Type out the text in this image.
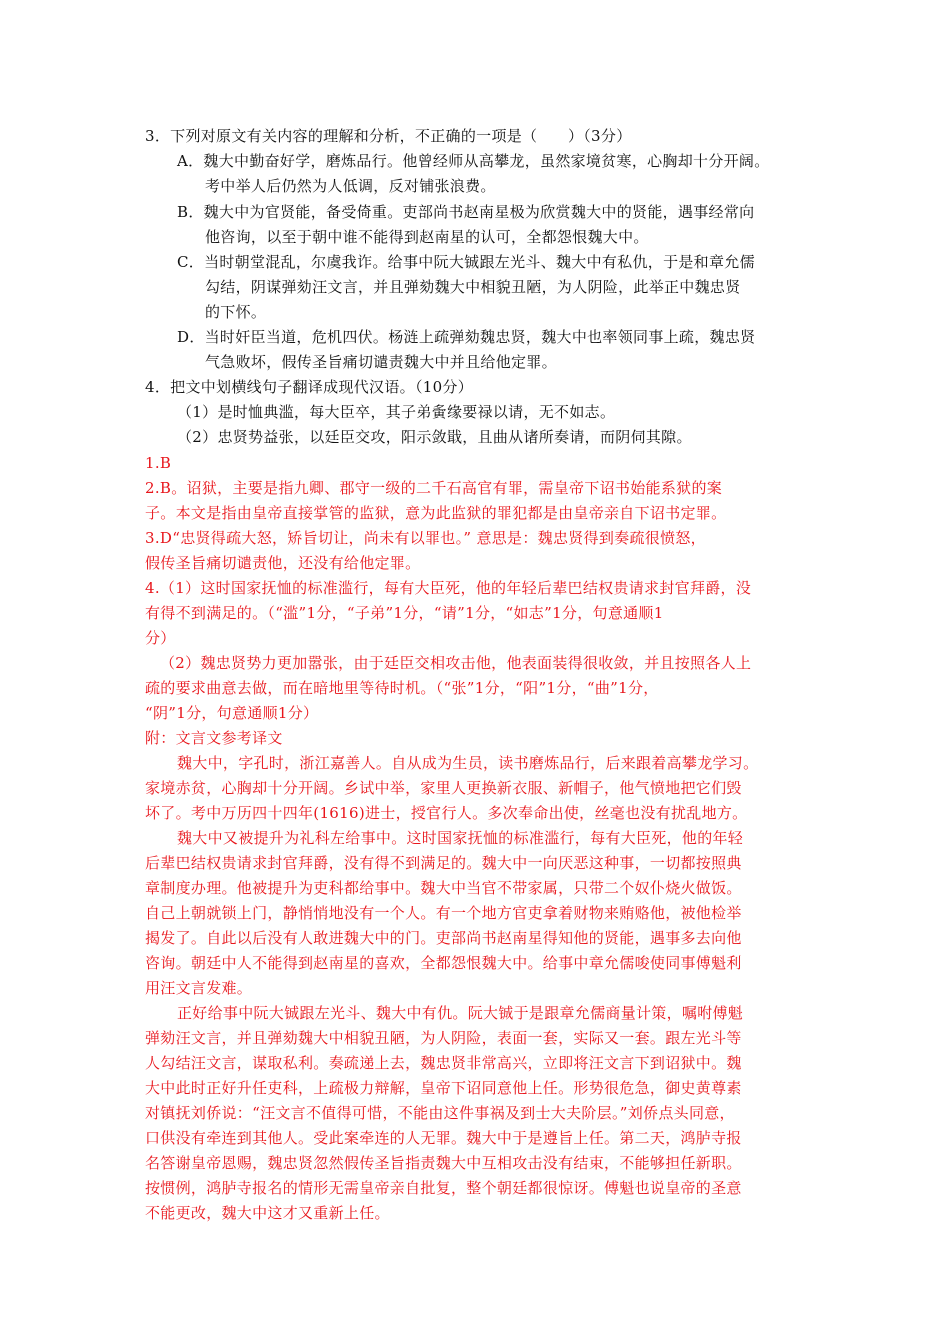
3．下列对原文有关内容的理解和分析，不正确的一项是（　　）（3分）
A．魏大中勤奋好学，磨炼品行。他曾经师从高攀龙，虽然家境贫寒，心胸却十分开阔。
考中举人后仍然为人低调，反对铺张浪费。
B．魏大中为官贤能，备受倚重。吏部尚书赵南星极为欣赏魏大中的贤能，遇事经常向
他咨询，以至于朝中谁不能得到赵南星的认可，全都怨恨魏大中。
C．当时朝堂混乱，尔虞我诈。给事中阮大铖跟左光斗、魏大中有私仇，于是和章允儒
勾结，阴谋弹劾汪文言，并且弹劾魏大中相貌丑陋，为人阴险，此举正中魏忠贤
的下怀。
D．当时奸臣当道，危机四伏。杨涟上疏弹劾魏忠贤，魏大中也率领同事上疏，魏忠贤
气急败坏，假传圣旨痛切谴责魏大中并且给他定罪。
4．把文中划横线句子翻译成现代汉语。（10分）
（1）是时恤典滥，每大臣卒，其子弟夤缘要禄以请，无不如志。
（2）忠贤势益张，以廷臣交攻，阳示敛戢，且曲从诸所奏请，而阴伺其隙。
1.B
2.B。诏狱，主要是指九卿、郡守一级的二千石高官有罪，需皇帝下诏书始能系狱的案
子。本文是指由皇帝直接掌管的监狱，意为此监狱的罪犯都是由皇帝亲自下诏书定罪。
3.D“忠贤得疏大怒，矫旨切让，尚未有以罪也。” 意思是：魏忠贤得到奏疏很愤怒，
假传圣旨痛切谴责他，还没有给他定罪。
4.（1）这时国家抚恤的标准滥行，每有大臣死，他的年轻后辈巴结权贵请求封官拜爵，没
有得不到满足的。（“滥”1分，“子弟”1分，“请”1分，“如志”1分，句意通顺1
分）
（2）魏忠贤势力更加嚣张，由于廷臣交相攻击他，他表面装得很收敛，并且按照各人上
疏的要求曲意去做，而在暗地里等待时机。（“张”1分，“阳”1分，“曲”1分，
“阴”1分，句意通顺1分）
附：文言文参考译文
魏大中，字孔时，浙江嘉善人。自从成为生员，读书磨炼品行，后来跟着高攀龙学习。
家境赤贫，心胸却十分开阔。乡试中举，家里人更换新衣服、新帽子，他气愤地把它们毁
坏了。考中万历四十四年(1616)进士，授官行人。多次奉命出使，丝毫也没有扰乱地方。
魏大中又被提升为礼科左给事中。这时国家抚恤的标准滥行，每有大臣死，他的年轻
后辈巴结权贵请求封官拜爵，没有得不到满足的。魏大中一向厌恶这种事，一切都按照典
章制度办理。他被提升为吏科都给事中。魏大中当官不带家属，只带二个奴仆烧火做饭。
自己上朝就锁上门，静悄悄地没有一个人。有一个地方官吏拿着财物来贿赂他，被他检举
揭发了。自此以后没有人敢进魏大中的门。吏部尚书赵南星得知他的贤能，遇事多去向他
咨询。朝廷中人不能得到赵南星的喜欢，全都怨恨魏大中。给事中章允儒唆使同事傅魁利
用汪文言发难。
正好给事中阮大铖跟左光斗、魏大中有仇。阮大铖于是跟章允儒商量计策，嘱咐傅魁
弹劾汪文言，并且弹劾魏大中相貌丑陋，为人阴险，表面一套，实际又一套。跟左光斗等
人勾结汪文言，谋取私利。奏疏递上去，魏忠贤非常高兴，立即将汪文言下到诏狱中。魏
大中此时正好升任吏科，上疏极力辩解，皇帝下诏同意他上任。形势很危急，御史黄尊素
对镇抚刘侨说：“汪文言不值得可惜，不能由这件事祸及到士大夫阶层。”刘侨点头同意，
口供没有牵连到其他人。受此案牵连的人无罪。魏大中于是遵旨上任。第二天，鸿胪寺报
名答谢皇帝恩赐，魏忠贤忽然假传圣旨指责魏大中互相攻击没有结束，不能够担任新职。
按惯例，鸿胪寺报名的情形无需皇帝亲自批复，整个朝廷都很惊讶。傅魁也说皇帝的圣意
不能更改，魏大中这才又重新上任。
